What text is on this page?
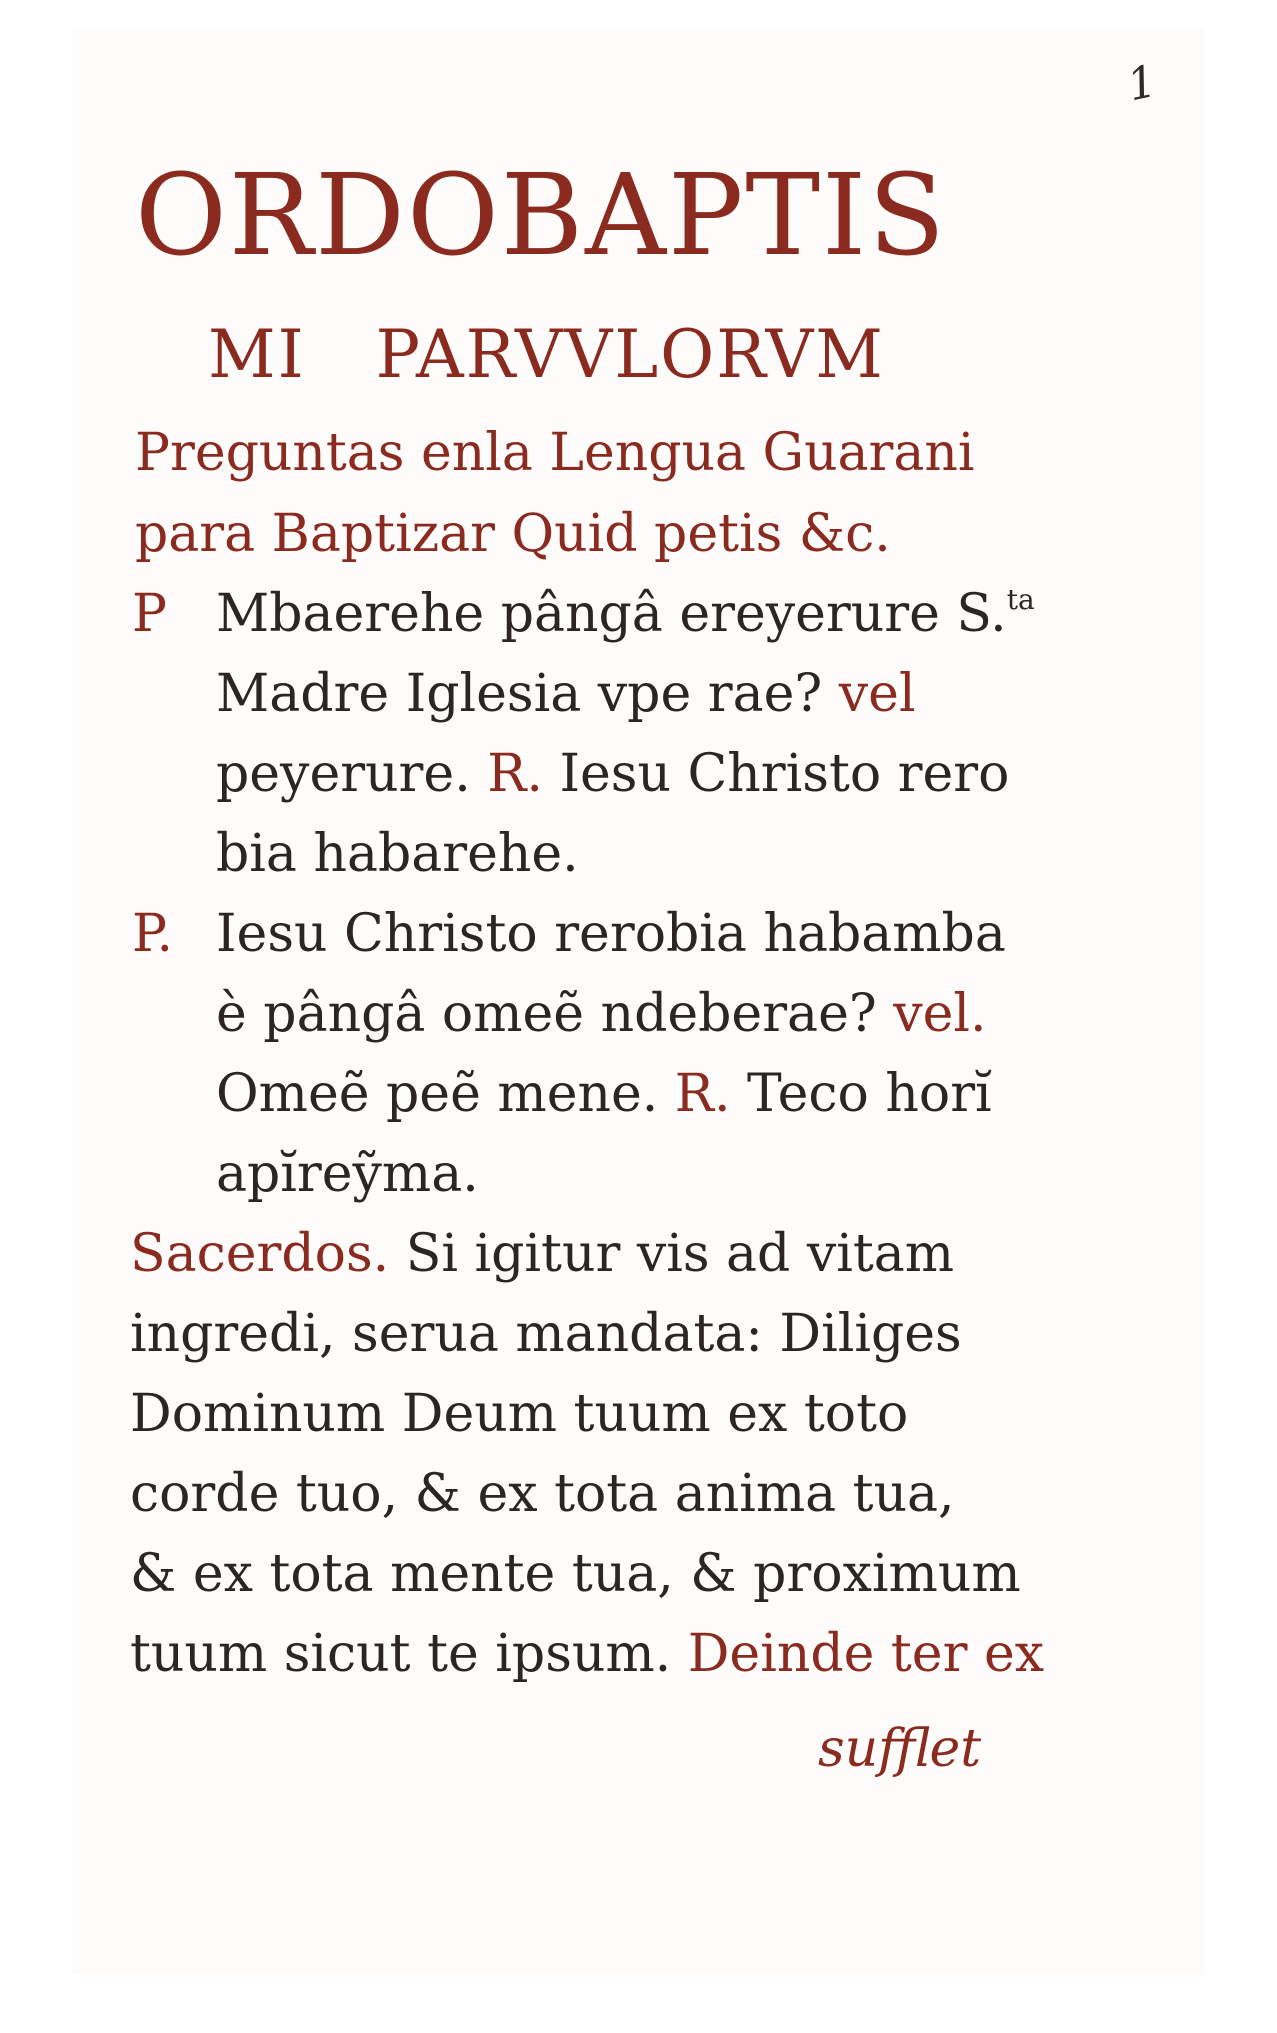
1
ORDOBAPTIS
MI PARVVLORVM
Preguntas enla Lengua Guarani
para Baptizar Quid petis &c.
P Mbaerehe pângâ ereyerure S.$^{ta}$
Madre Iglesia vpe rae? vel
peyerure. R. Iesu Christo rero
bia habarehe.
P. Iesu Christo rerobia habamba
è pângâ omeẽ ndeberae? vel.
Omeẽ peẽ mene. R. Teco horĭ
apĭreỹma.
Sacerdos. Si igitur vis ad vitam
ingredi, serua mandata: Diliges
Dominum Deum tuum ex toto
corde tuo, & ex tota anima tua,
& ex tota mente tua, & proximum
tuum sicut te ipsum. Deinde ter ex
sufflet
